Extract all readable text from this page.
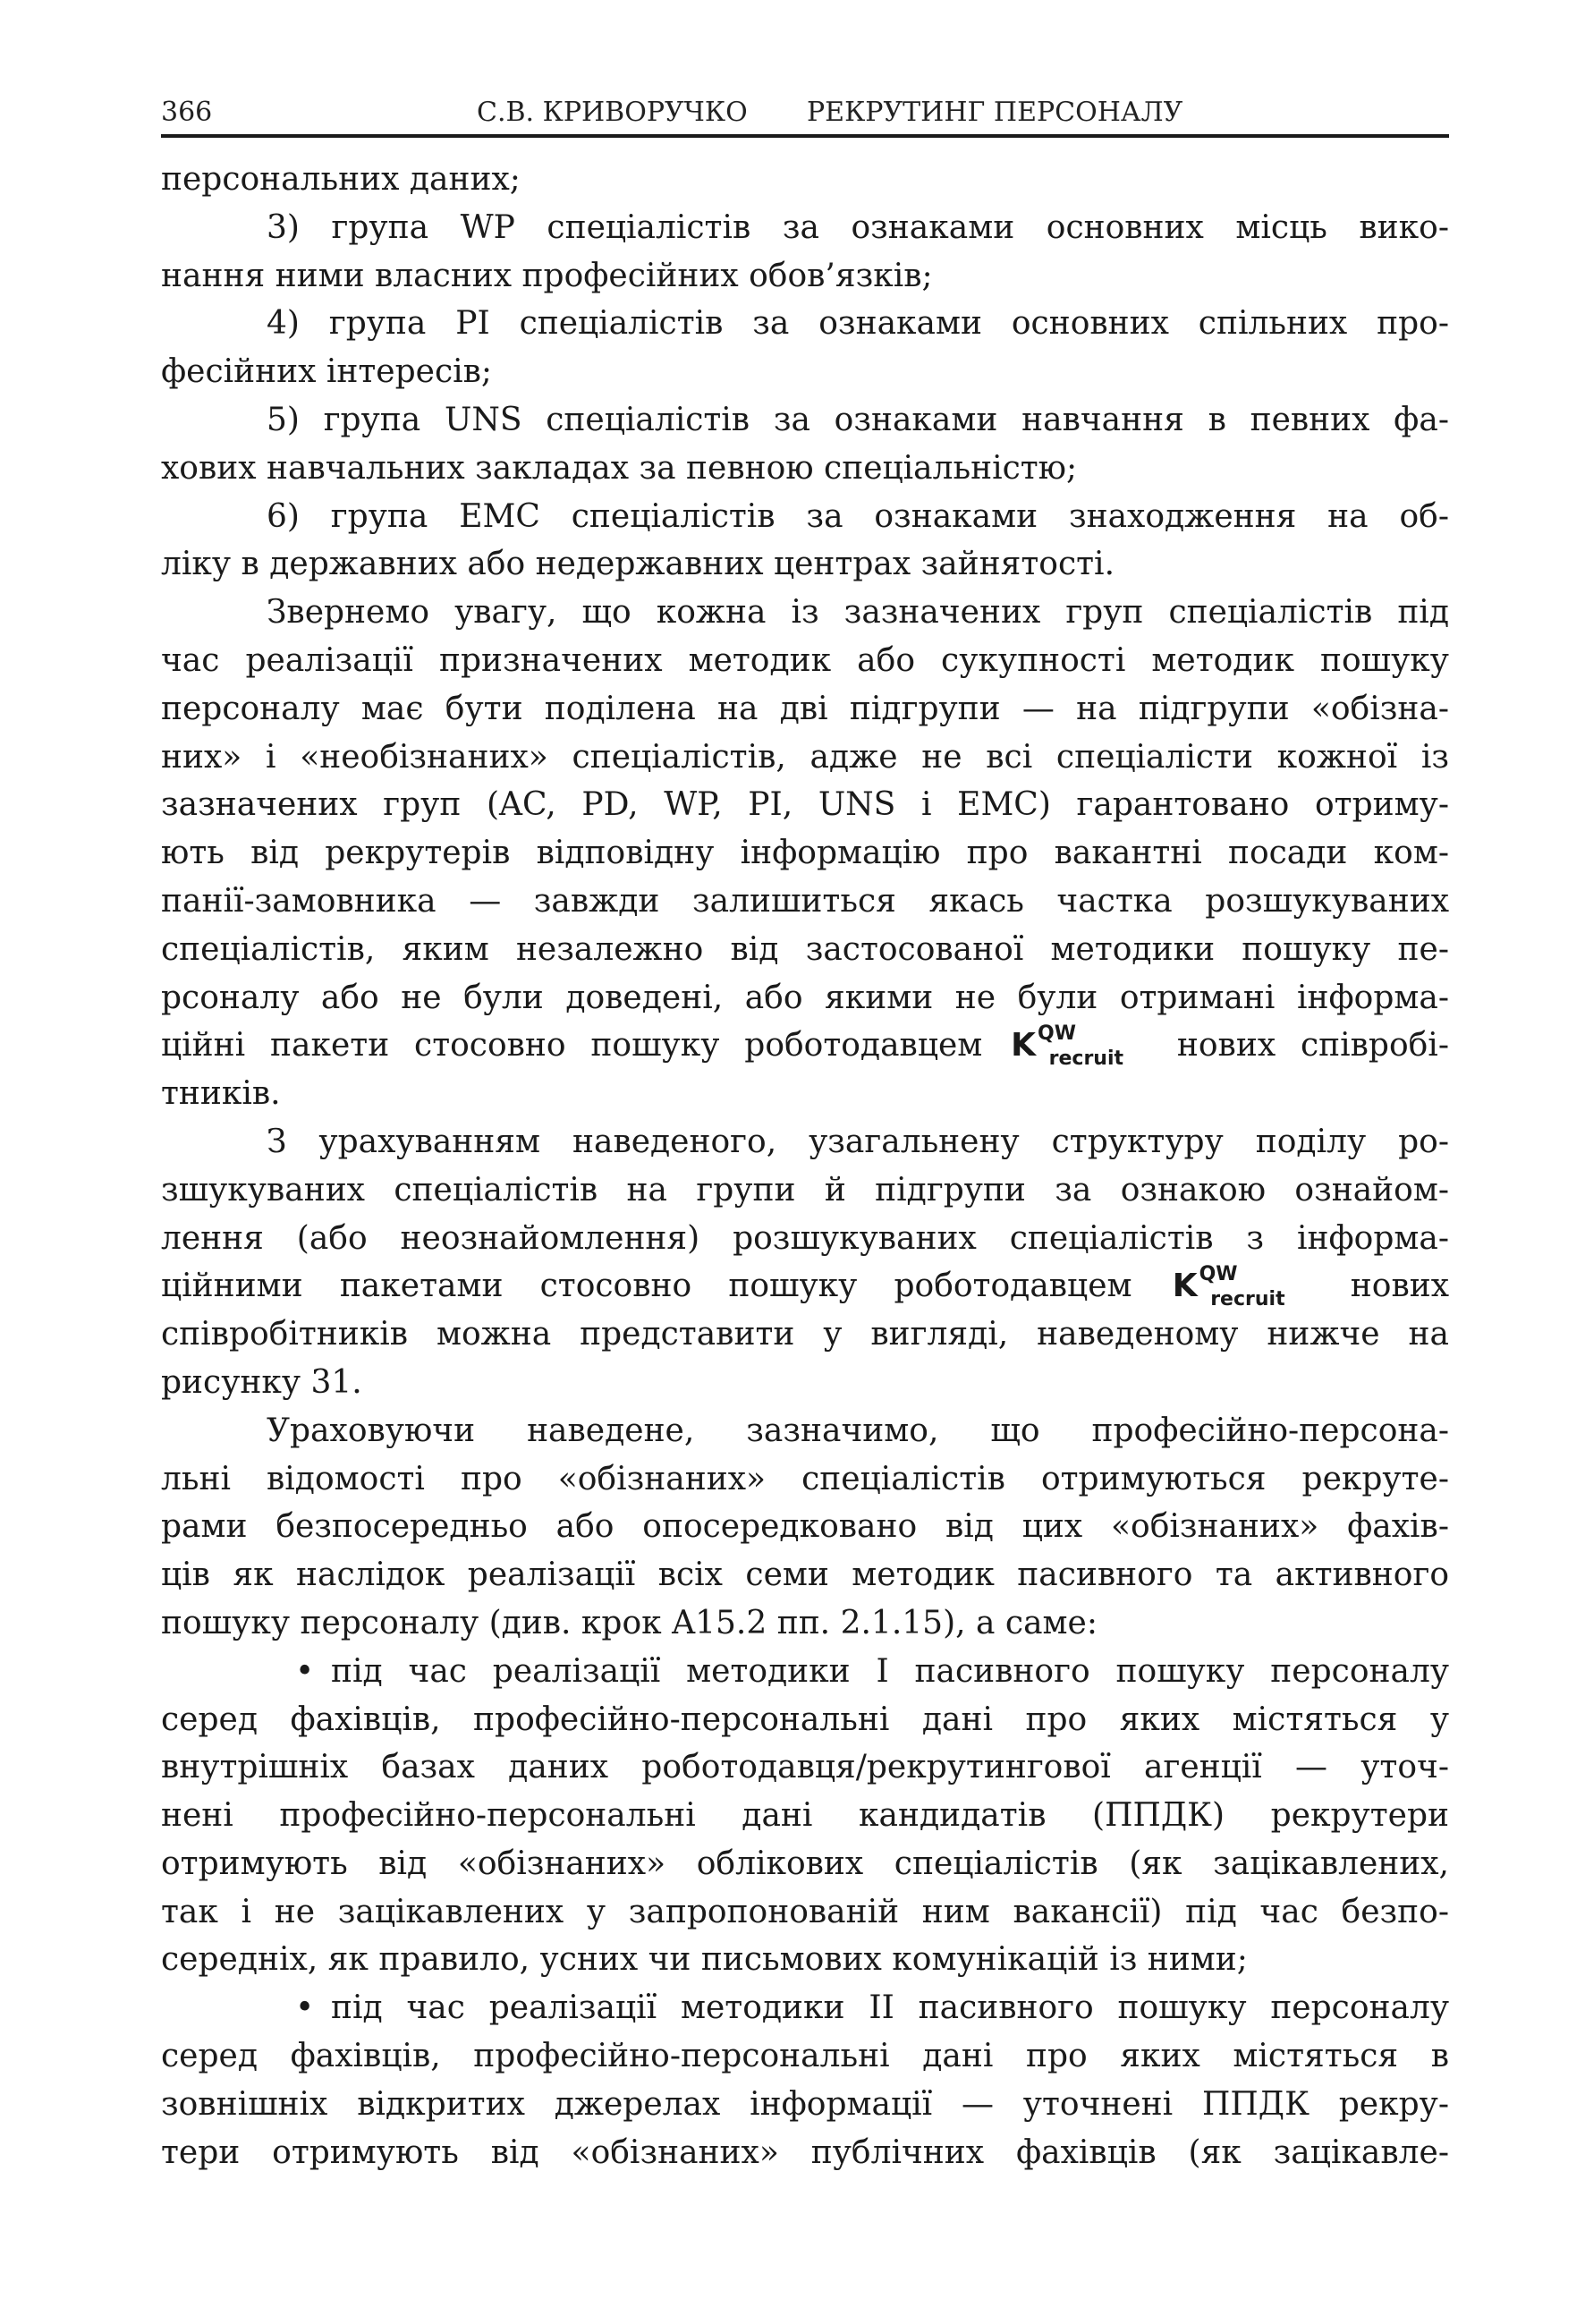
366	С.В. КРИВОРУЧКО РЕКРУТИНГ ПЕРСОНАЛУ
персональних даних;
3) група WP спеціалістів за ознаками основних місць вико-
нання ними власних професійних обов’язків;
4) група PI спеціалістів за ознаками основних спільних про-
фесійних інтересів;
5) група UNS спеціалістів за ознаками навчання в певних фа-
хових навчальних закладах за певною спеціальністю;
6) група EMC спеціалістів за ознаками знаходження на об-
ліку в державних або недержавних центрах зайнятості.
Звернемо увагу, що кожна із зазначених груп спеціалістів під
час реалізації призначених методик або сукупності методик пошуку
персоналу має бути поділена на дві підгрупи — на підгрупи «обізна-
них» і «необізнаних» спеціалістів, адже не всі спеціалісти кожної із
зазначених груп (AC, PD, WP, PI, UNS і EMC) гарантовано отриму-
ють від рекрутерів відповідну інформацію про вакантні посади ком-
панії-замовника — завжди залишиться якась частка розшукуваних
спеціалістів, яким незалежно від застосованої методики пошуку пе-
рсоналу або не були доведені, або якими не були отримані інформа-
ційні пакети стосовно пошуку роботодавцем $K^{QW}_{recruit}$ нових співробі-
тників.
З урахуванням наведеного, узагальнену структуру поділу ро-
зшукуваних спеціалістів на групи й підгрупи за ознакою ознайом-
лення (або неознайомлення) розшукуваних спеціалістів з інформа-
ційними пакетами стосовно пошуку роботодавцем $K^{QW}_{recruit}$ нових
співробітників можна представити у вигляді, наведеному нижче на
рисунку 31.
Ураховуючи наведене, зазначимо, що професійно-персона-
льні відомості про «обізнаних» спеціалістів отримуються рекруте-
рами безпосередньо або опосередковано від цих «обізнаних» фахів-
ців як наслідок реалізації всіх семи методик пасивного та активного
пошуку персоналу (див. крок A15.2 пп. 2.1.15), а саме:
• під час реалізації методики I пасивного пошуку персоналу
серед фахівців, професійно-персональні дані про яких містяться у
внутрішніх базах даних роботодавця/рекрутингової агенції — уточ-
нені професійно-персональні дані кандидатів (ППДК) рекрутери
отримують від «обізнаних» облікових спеціалістів (як зацікавлених,
так і не зацікавлених у запропонованій ним вакансії) під час безпо-
середніх, як правило, усних чи письмових комунікацій із ними;
• під час реалізації методики II пасивного пошуку персоналу
серед фахівців, професійно-персональні дані про яких містяться в
зовнішніх відкритих джерелах інформації — уточнені ППДК рекру-
тери отримують від «обізнаних» публічних фахівців (як зацікавле-
